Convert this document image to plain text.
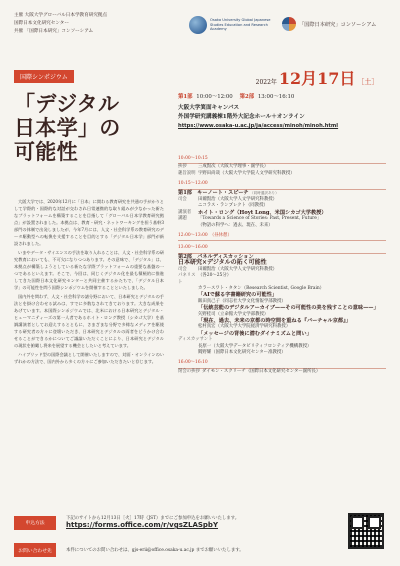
主催 大阪大学グローバル日本学教育研究拠点
国際日本文化研究センター
共催 「国際日本研究」コンソーシアム
Osaka University Global Japanese Studies Education and Research Academy
「国際日本研究」コンソーシアム
国際シンポジウム
「デジタル
日本学」の
可能性

大阪大学では、2020年12月に「日本」に関わる教育研究を共通の手がかりとして学際的・国際的な対話が交わされ日常連携的な取り組みが少なかった新たなプラットフォームを構築することを目指して「グローバル日本学教育研究拠点」が設置されました。本拠点は、教育・研究・ネットワーキングを担う基幹3部門の体制で出発しましたが、今年7月には、人文・社会科学系の教育研究のデータ駆動型への転換を支援することを目的とする「デジタル日本学」部門が新設されました。

いまやデータ・サイエンスの手法を取り入れることは、人文・社会科学系の研究教育においても、不可欠になりつつあります。その意味で、「デジタル」は、本拠点が構築しようとしている新たな学際プラットフォームの重要な基盤の一つであるといえます。そこで、今回は、同じくデジタル化を最も積極的に推進してきた国際日本文化研究センターと共同主催するかたちで、「デジタル日本学」の可能性を問う国際シンポジウムを開催することといたしました。

国内外を問わず、人文・社会科学の諸分野において、日本研究とデジタルの手法とを掛け合わせる試みは、すでに多数なされてきております。大きな成果をあげています。本国際シンポジウムでは、北米における日本研究とデジタル・ヒューマニティーズの第一人者であるホイト・ロング教授（シカゴ大学）を基調講演者としてお迎えするとともに、さまざまな分野で多様なメディアを駆使する研究者の方々に登壇いただき、日本研究とデジタルの両者をどうかけ合わせることができるかについてご議論いただくことにより、日本研究とデジタルの現状を俯瞰し将来を展望する機会としたいと考えています。

ハイブリッド型の国際会議として開催いたしますので、対面・オンラインのいずれかの方法で、国内外から多くの方々にご参加いただきたいと存じます。

2022年 12月17日 ［土］
第1部 10:00〜12:00 第2部 13:00〜16:10
大阪大学箕面キャンパス
外国学研究講義棟1階外大記念ホール＋オンライン
https://www.osaka-u.ac.jp/ja/access/minoh/minoh.html
10:00〜10:15
挨拶	三成賢次（大阪大学理事・副学長）
趣旨説明 宇野田尚哉（大阪大学大学院人文学研究科教授）
10:15〜12:00
第1部　キーノート・スピーチ （同時通訳あり）
司会	田爾賢治（大阪大学人文学研究科教授）
ニコラス・ランブレクト（同教授）
講演者	ホイト・ロング（Hoyt Long、米国シカゴ大学教授）
講題	「Towards a Science of Stories: Past, Present, Future」
（物語の科学へ：過去、現在、未来）
12:00〜13:00　（昼休憩）
13:00〜16:00
第2部　パネルディスカッション
日本研究×デジタルの拓く可能性
司会	田爾賢治（大阪大学人文学研究科教授）
パネリスト
（各20〜25分）
カラースワト・タタン（Research Scientist, Google Brain）
「AIで蘇る字書籍研究の可能性」
飯田真己子（同志社大学文化情報学部教授）
「伝統芸能のデジタルアーカイブ——その可能性の美を残すことの意味——」
矢野桂司（立命館大学文学部教授）
「現在、過去、未来の京都の時空間を重ねる『バーチャル京都』」
松村真宏（大阪大学大学院経済学研究科教授）
「メッセージの背後に潜むダイナミズムと問い」
ディスカッサント
長原一（大阪大学データビリティフロンティア機構教授）
閻野耀（国際日本文化研究センター准教授）
16:00〜16:10
閉会の挨拶 ダイモン・スクリーチ（国際日本文化研究センター副所長）
申込方法
下記のサイトから12月13日［火］17時（JST）までにご参加申込をお願いいたします。
https://forms.office.com/r/vgsZLASpbY
お問い合わせ先	本件についてのお問い合わせは、gjs-erii@office.osaka-u.ac.jp までお願いいたします。
